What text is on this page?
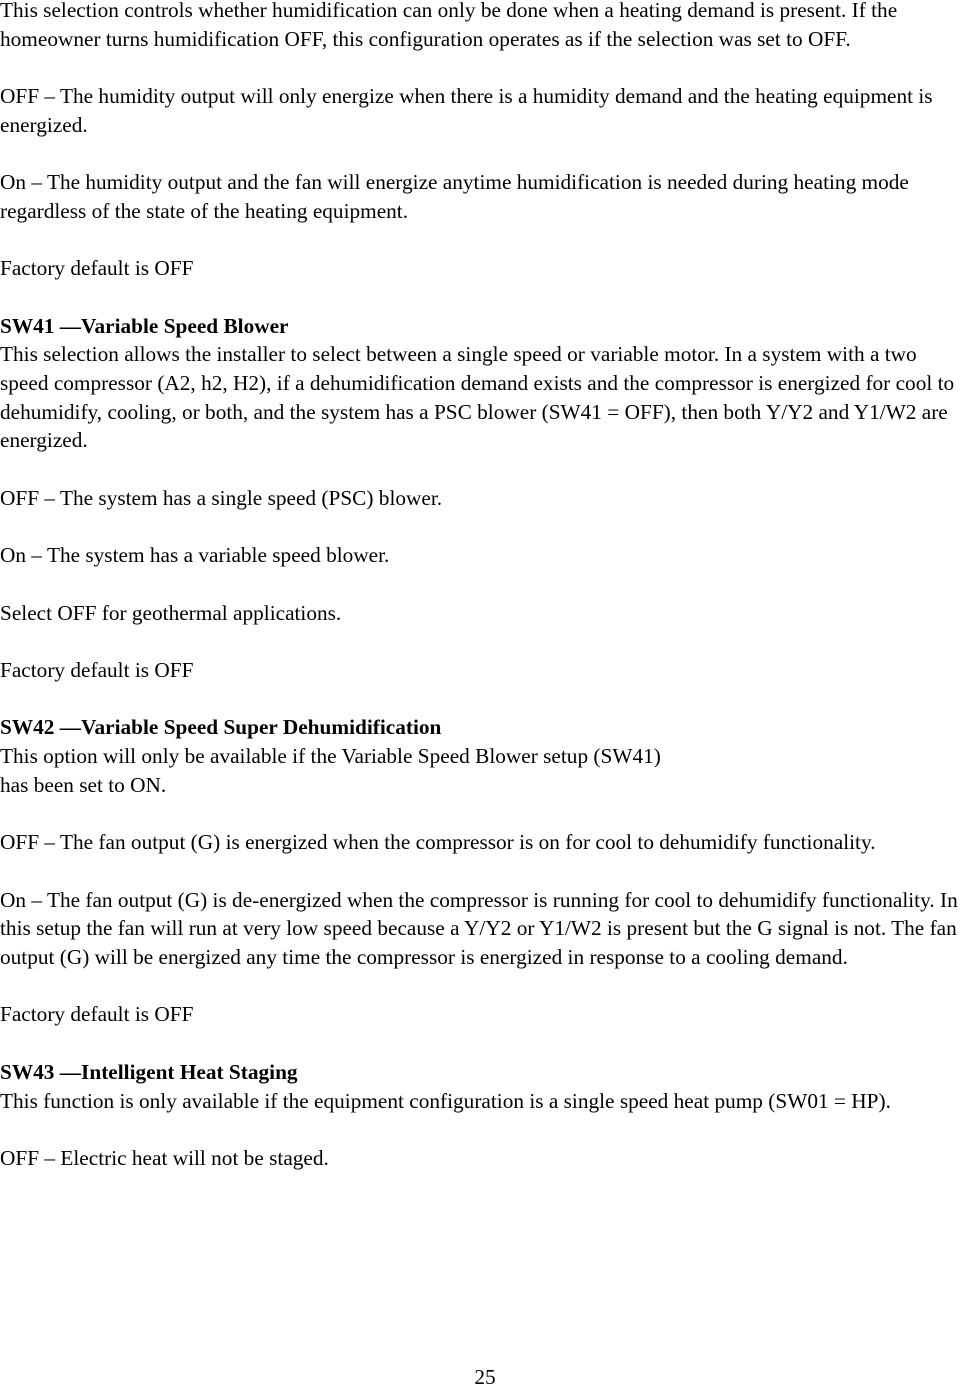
This selection controls whether humidification can only be done when a heating demand is present. If the homeowner turns humidification OFF, this configuration operates as if the selection was set to OFF.

OFF – The humidity output will only energize when there is a humidity demand and the heating equipment is energized.

On – The humidity output and the fan will energize anytime humidification is needed during heating mode regardless of the state of the heating equipment.

Factory default is OFF

SW41 —Variable Speed Blower

This selection allows the installer to select between a single speed or variable motor. In a system with a two speed compressor (A2, h2, H2), if a dehumidification demand exists and the compressor is energized for cool to dehumidify, cooling, or both, and the system has a PSC blower (SW41 = OFF), then both Y/Y2 and Y1/W2 are energized.

OFF – The system has a single speed (PSC) blower.

On – The system has a variable speed blower.

Select OFF for geothermal applications.

Factory default is OFF

SW42 —Variable Speed Super Dehumidification

This option will only be available if the Variable Speed Blower setup (SW41)

has been set to ON.

OFF – The fan output (G) is energized when the compressor is on for cool to dehumidify functionality.

On – The fan output (G) is de-energized when the compressor is running for cool to dehumidify functionality. In this setup the fan will run at very low speed because a Y/Y2 or Y1/W2 is present but the G signal is not. The fan output (G) will be energized any time the compressor is energized in response to a cooling demand.

Factory default is OFF

SW43 —Intelligent Heat Staging

This function is only available if the equipment configuration is a single speed heat pump (SW01 = HP).

OFF – Electric heat will not be staged.

25
